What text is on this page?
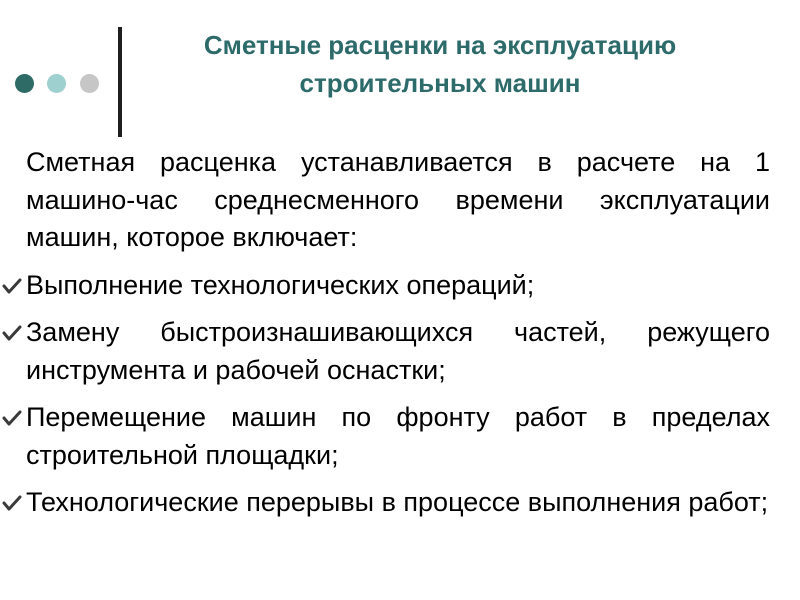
Сметные расценки на эксплуатацию строительных машин

Сметная расценка устанавливается в расчете на 1 машино-час среднесменного времени эксплуатации машин, которое включает:

Выполнение технологических операций;
Замену быстроизнашивающихся частей, режущего инструмента и рабочей оснастки;
Перемещение машин по фронту работ в пределах строительной площадки;
Технологические перерывы в процессе выполнения работ;
